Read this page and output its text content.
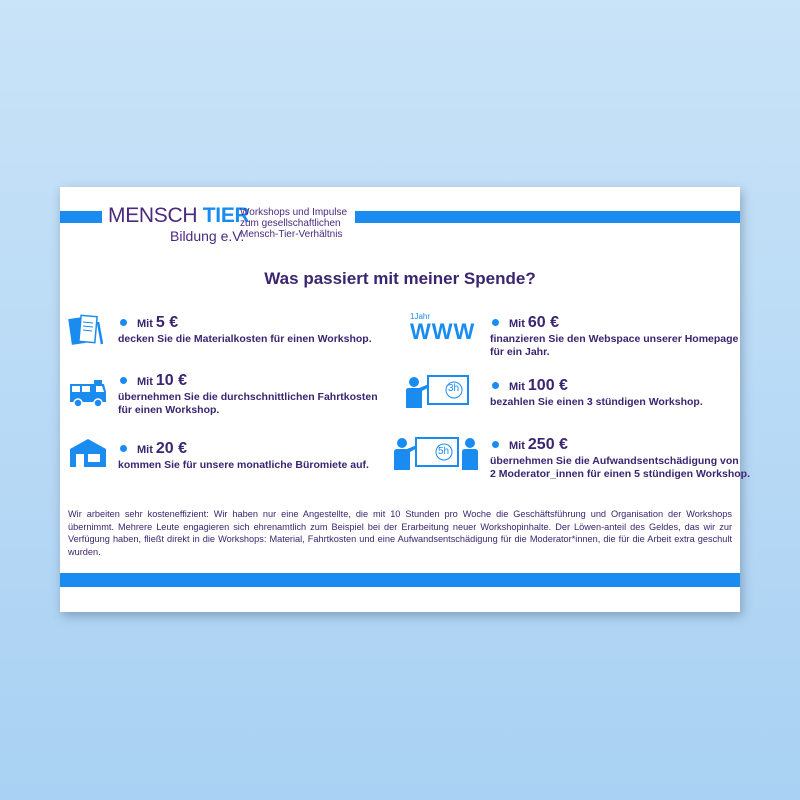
MENSCH TIER
Bildung e.V.
Workshops und Impulse
zum gesellschaftlichen
Mensch-Tier-Verhältnis
Was passiert mit meiner Spende?
Mit 5 €
decken Sie die Materialkosten für einen Workshop.
Mit 10 €
übernehmen Sie die durchschnittlichen Fahrtkosten
für einen Workshop.
Mit 20 €
kommen Sie für unsere monatliche Büromiete auf.
1Jahr
WWW	Mit 60 €
finanzieren Sie den Webspace unserer Homepage
für ein Jahr.
3h	Mit 100 €
bezahlen Sie einen 3 stündigen Workshop.
5h	Mit 250 €
übernehmen Sie die Aufwandsentschädigung von
2 Moderator_innen für einen 5 stündigen Workshop.
Wir arbeiten sehr kosteneffizient: Wir haben nur eine Angestellte, die mit 10 Stunden pro Woche die Geschäftsführung und Organisation der Workshops übernimmt. Mehrere Leute engagieren sich ehrenamtlich zum Beispiel bei der Erarbeitung neuer Workshopinhalte. Der Löwen-anteil des Geldes, das wir zur Verfügung haben, fließt direkt in die Workshops: Material, Fahrtkosten und eine Aufwandsentschädigung für die Moderator*innen, die für die Arbeit extra geschult wurden.
